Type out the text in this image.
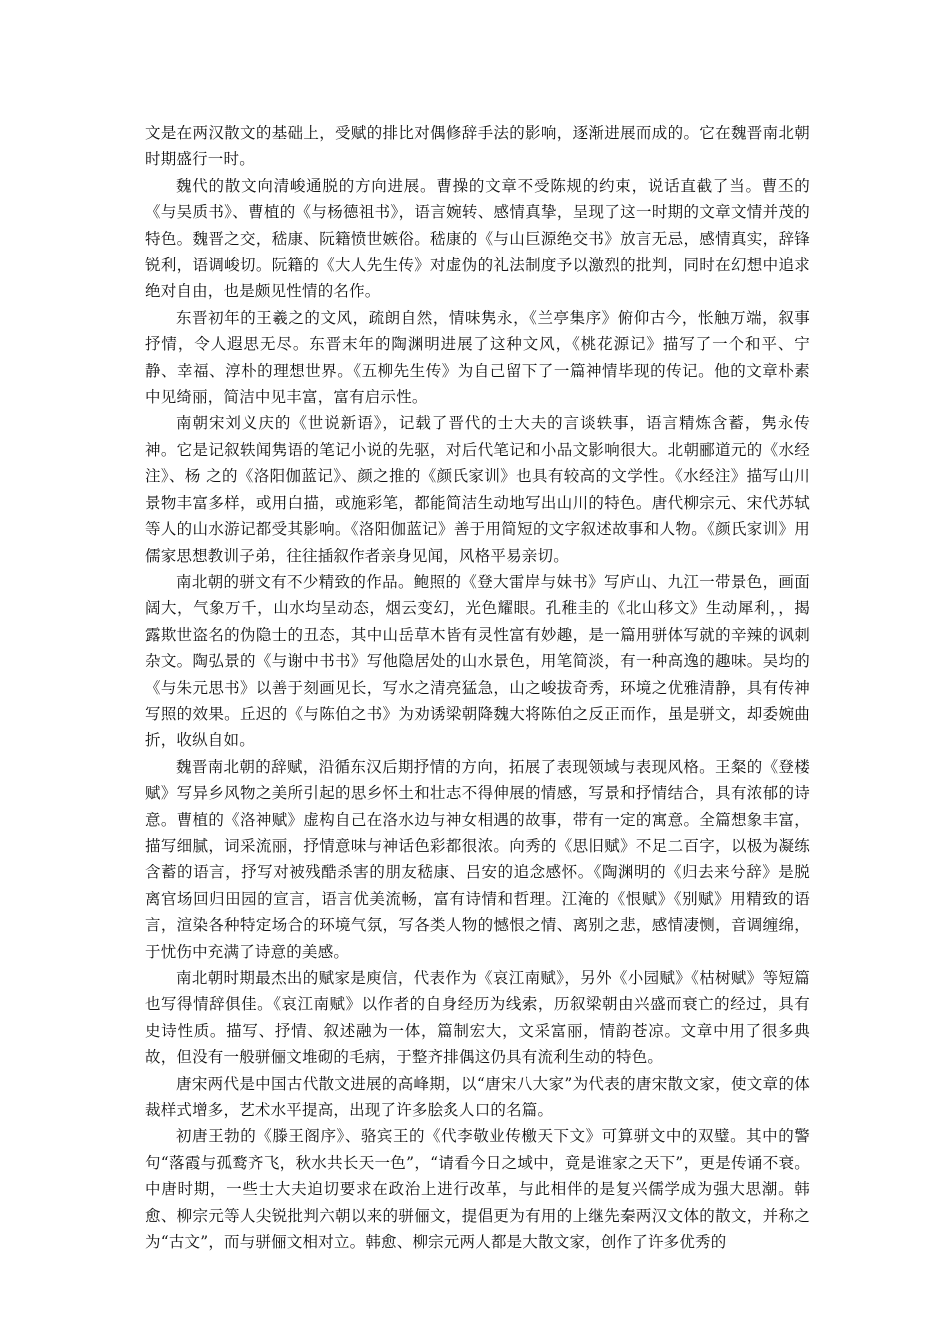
文是在两汉散文的基础上，受赋的排比对偶修辞手法的影响，逐渐进展而成的。它在魏晋南北朝时期盛行一时。

魏代的散文向清峻通脱的方向进展。曹操的文章不受陈规的约束，说话直截了当。曹丕的《与吴质书》、曹植的《与杨德祖书》，语言婉转、感情真挚，呈现了这一时期的文章文情并茂的特色。魏晋之交，嵇康、阮籍愤世嫉俗。嵇康的《与山巨源绝交书》放言无忌，感情真实，辞锋锐利，语调峻切。阮籍的《大人先生传》对虚伪的礼法制度予以激烈的批判，同时在幻想中追求绝对自由，也是颇见性情的名作。

东晋初年的王羲之的文风，疏朗自然，情味隽永，《兰亭集序》俯仰古今，怅触万端，叙事抒情，令人遐思无尽。东晋末年的陶渊明进展了这种文风，《桃花源记》描写了一个和平、宁静、幸福、淳朴的理想世界。《五柳先生传》为自己留下了一篇神情毕现的传记。他的文章朴素中见绮丽，简洁中见丰富，富有启示性。

南朝宋刘义庆的《世说新语》，记载了晋代的士大夫的言谈轶事，语言精炼含蓄，隽永传神。它是记叙轶闻隽语的笔记小说的先驱，对后代笔记和小品文影响很大。北朝郦道元的《水经注》、杨 之的《洛阳伽蓝记》、颜之推的《颜氏家训》也具有较高的文学性。《水经注》描写山川景物丰富多样，或用白描，或施彩笔，都能简洁生动地写出山川的特色。唐代柳宗元、宋代苏轼等人的山水游记都受其影响。《洛阳伽蓝记》善于用简短的文字叙述故事和人物。《颜氏家训》用儒家思想教训子弟，往往插叙作者亲身见闻，风格平易亲切。

南北朝的骈文有不少精致的作品。鲍照的《登大雷岸与妹书》写庐山、九江一带景色，画面阔大，气象万千，山水均呈动态，烟云变幻，光色耀眼。孔稚圭的《北山移文》生动犀利，，揭露欺世盗名的伪隐士的丑态，其中山岳草木皆有灵性富有妙趣，是一篇用骈体写就的辛辣的讽刺杂文。陶弘景的《与谢中书书》写他隐居处的山水景色，用笔简淡，有一种高逸的趣味。吴均的《与朱元思书》以善于刻画见长，写水之清亮猛急，山之峻拔奇秀，环境之优雅清静，具有传神写照的效果。丘迟的《与陈伯之书》为劝诱梁朝降魏大将陈伯之反正而作，虽是骈文，却委婉曲折，收纵自如。

魏晋南北朝的辞赋，沿循东汉后期抒情的方向，拓展了表现领域与表现风格。王粲的《登楼赋》写异乡风物之美所引起的思乡怀土和壮志不得伸展的情感，写景和抒情结合，具有浓郁的诗意。曹植的《洛神赋》虚构自己在洛水边与神女相遇的故事，带有一定的寓意。全篇想象丰富，描写细腻，词采流丽，抒情意味与神话色彩都很浓。向秀的《思旧赋》不足二百字，以极为凝练含蓄的语言，抒写对被残酷杀害的朋友嵇康、吕安的追念感怀。《陶渊明的《归去来兮辞》是脱离官场回归田园的宣言，语言优美流畅，富有诗情和哲理。江淹的《恨赋》《别赋》用精致的语言，渲染各种特定场合的环境气氛，写各类人物的憾恨之情、离别之悲，感情凄恻，音调缠绵，于忧伤中充满了诗意的美感。

南北朝时期最杰出的赋家是庾信，代表作为《哀江南赋》，另外《小园赋》《枯树赋》等短篇也写得情辞俱佳。《哀江南赋》以作者的自身经历为线索，历叙梁朝由兴盛而衰亡的经过，具有史诗性质。描写、抒情、叙述融为一体，篇制宏大，文采富丽，情韵苍凉。文章中用了很多典故，但没有一般骈俪文堆砌的毛病，于整齐排偶这仍具有流利生动的特色。

唐宋两代是中国古代散文进展的高峰期，以“唐宋八大家”为代表的唐宋散文家，使文章的体裁样式增多，艺术水平提高，出现了许多脍炙人口的名篇。

初唐王勃的《滕王阁序》、骆宾王的《代李敬业传檄天下文》可算骈文中的双璧。其中的警句“落霞与孤鹜齐飞，秋水共长天一色”，“请看今日之域中，竟是谁家之天下”，更是传诵不衰。中唐时期，一些士大夫迫切要求在政治上进行改革，与此相伴的是复兴儒学成为强大思潮。韩愈、柳宗元等人尖锐批判六朝以来的骈俪文，提倡更为有用的上继先秦两汉文体的散文，并称之为“古文”，而与骈俪文相对立。韩愈、柳宗元两人都是大散文家，创作了许多优秀的
